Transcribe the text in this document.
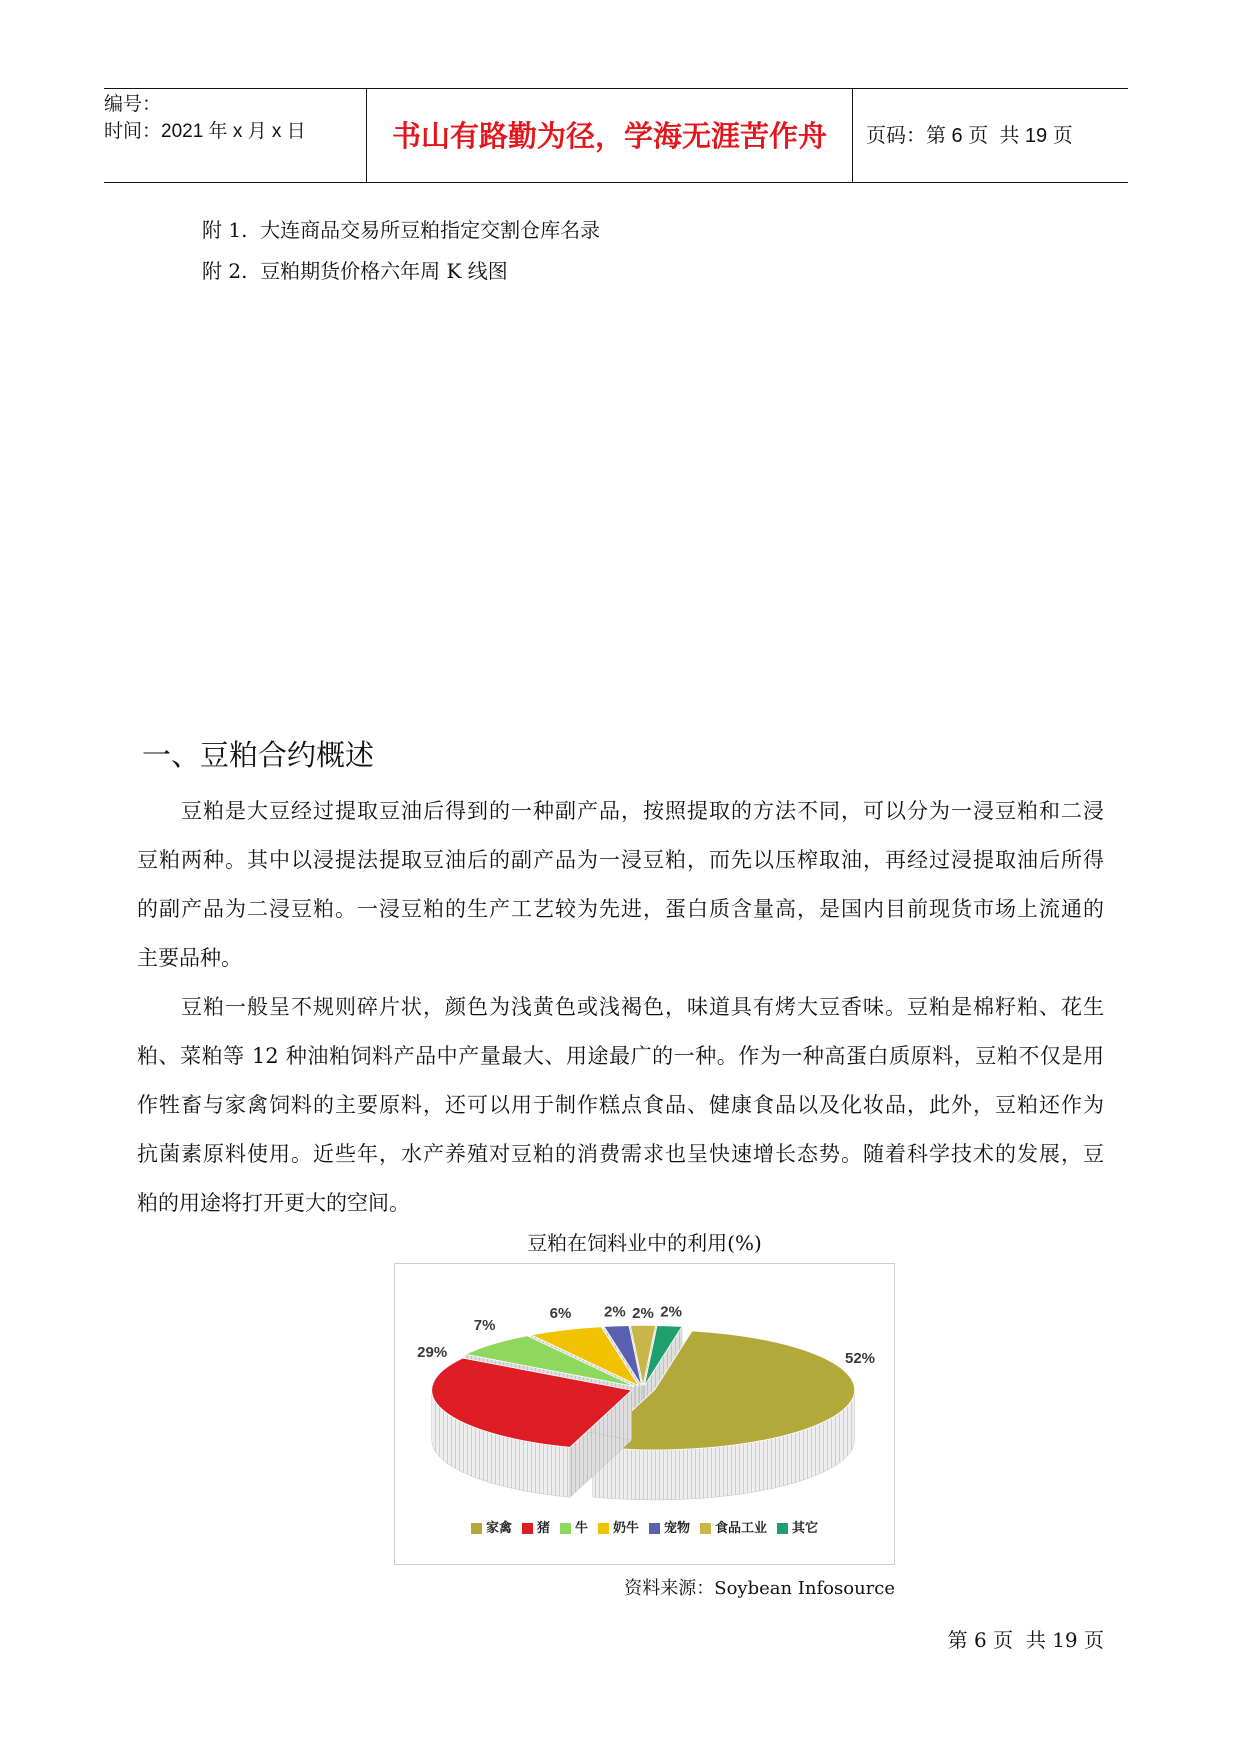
编号：
时间：2021 年 x 月 x 日	书山有路勤为径，学海无涯苦作舟	页码：第 6 页  共 19 页
附 1.  大连商品交易所豆粕指定交割仓库名录
附 2.  豆粕期货价格六年周 K 线图
一、豆粕合约概述
豆粕是大豆经过提取豆油后得到的一种副产品，按照提取的方法不同，可以分为一浸豆粕和二浸
豆粕两种。其中以浸提法提取豆油后的副产品为一浸豆粕，而先以压榨取油，再经过浸提取油后所得
的副产品为二浸豆粕。一浸豆粕的生产工艺较为先进，蛋白质含量高，是国内目前现货市场上流通的
主要品种。
豆粕一般呈不规则碎片状，颜色为浅黄色或浅褐色，味道具有烤大豆香味。豆粕是棉籽粕、花生
粕、菜粕等 12 种油粕饲料产品中产量最大、用途最广的一种。作为一种高蛋白质原料，豆粕不仅是用
作牲畜与家禽饲料的主要原料，还可以用于制作糕点食品、健康食品以及化妆品，此外，豆粕还作为
抗菌素原料使用。近些年，水产养殖对豆粕的消费需求也呈快速增长态势。随着科学技术的发展，豆
粕的用途将打开更大的空间。
豆粕在饲料业中的利用(%)
52%
29%
7%
6% 2% 2% 2%
家禽 猪 牛 奶牛 宠物 食品工业 其它
资料来源：Soybean Infosource
第 6 页  共 19 页
